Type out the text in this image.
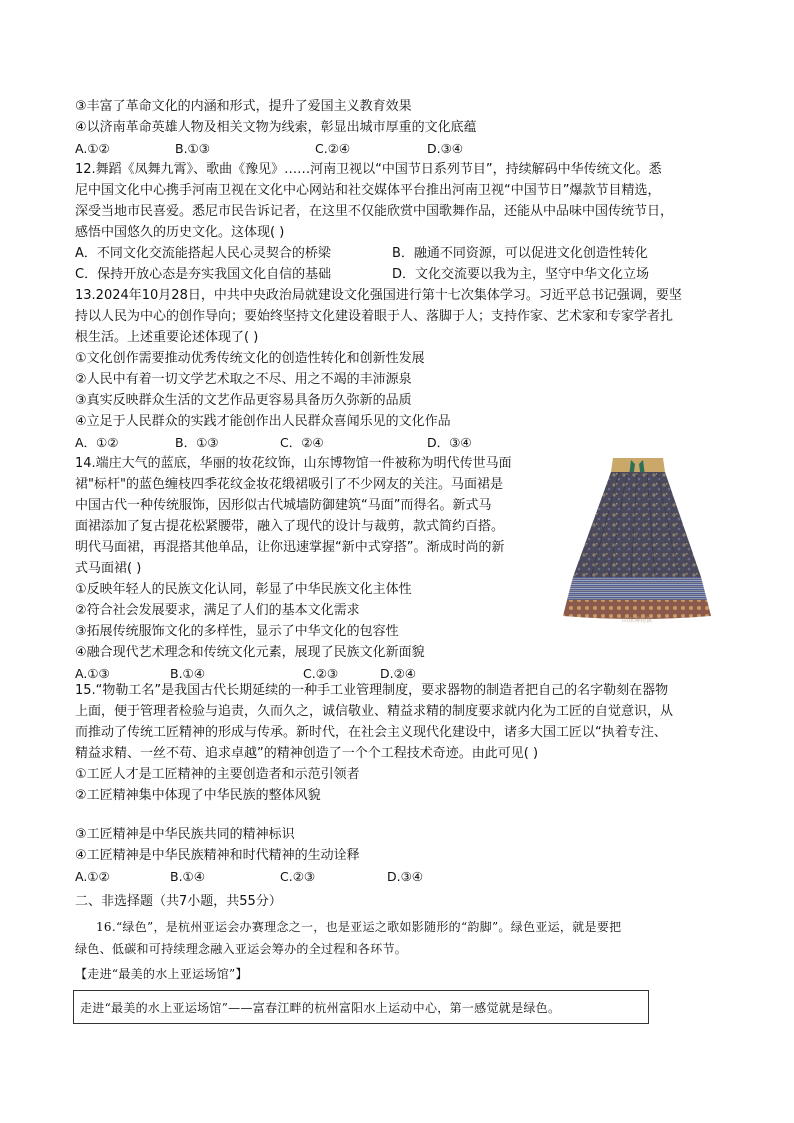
③丰富了革命文化的内涵和形式，提升了爱国主义教育效果
④以济南革命英雄人物及相关文物为线索，彰显出城市厚重的文化底蕴
A.①②	B.①③	C.②④	D.③④
12.舞蹈《凤舞九霄》、歌曲《豫见》……河南卫视以“中国节日系列节目”，持续解码中华传统文化。悉
尼中国文化中心携手河南卫视在文化中心网站和社交媒体平台推出河南卫视“中国节日”爆款节目精选，
深受当地市民喜爱。悉尼市民告诉记者，在这里不仅能欣赏中国歌舞作品，还能从中品味中国传统节日，
感悟中国悠久的历史文化。这体现( )
A．不同文化交流能搭起人民心灵契合的桥梁	B．融通不同资源，可以促进文化创造性转化
C．保持开放心态是夯实我国文化自信的基础	D．文化交流要以我为主，坚守中华文化立场
13.2024年10月28日，中共中央政治局就建设文化强国进行第十七次集体学习。习近平总书记强调，要坚
持以人民为中心的创作导向；要始终坚持文化建设着眼于人、落脚于人；支持作家、艺术家和专家学者扎
根生活。上述重要论述体现了( )
①文化创作需要推动优秀传统文化的创造性转化和创新性发展
②人民中有着一切文学艺术取之不尽、用之不竭的丰沛源泉
③真实反映群众生活的文艺作品更容易具备历久弥新的品质
④立足于人民群众的实践才能创作出人民群众喜闻乐见的文化作品
A．①②	B．①③	C．②④	D．③④
14.端庄大气的蓝底，华丽的妆花纹饰，山东博物馆一件被称为明代传世马面
裙"标杆"的蓝色缠枝四季花纹金妆花缎裙吸引了不少网友的关注。马面裙是
中国古代一种传统服饰，因形似古代城墙防御建筑“马面”而得名。新式马
面裙添加了复古提花松紧腰带，融入了现代的设计与裁剪，款式简约百搭。
明代马面裙，再混搭其他单品，让你迅速掌握“新中式穿搭”。渐成时尚的新
式马面裙( )
①反映年轻人的民族文化认同，彰显了中华民族文化主体性
②符合社会发展要求，满足了人们的基本文化需求
③拓展传统服饰文化的多样性，显示了中华文化的包容性
④融合现代艺术理念和传统文化元素，展现了民族文化新面貌
A.①③	B.①④	C.②③	D.②④
山东博物馆
15.“物勒工名”是我国古代长期延续的一种手工业管理制度，要求器物的制造者把自己的名字勒刻在器物
上面，便于管理者检验与追责，久而久之，诚信敬业、精益求精的制度要求就内化为工匠的自觉意识，从
而推动了传统工匠精神的形成与传承。新时代，在社会主义现代化建设中，诸多大国工匠以“执着专注、
精益求精、一丝不苟、追求卓越”的精神创造了一个个工程技术奇迹。由此可见( )
①工匠人才是工匠精神的主要创造者和示范引领者
②工匠精神集中体现了中华民族的整体风貌
③工匠精神是中华民族共同的精神标识
④工匠精神是中华民族精神和时代精神的生动诠释
A.①②	B.①④	C.②③	D.③④
二、非选择题（共7小题，共55分）
16.“绿色”，是杭州亚运会办赛理念之一，也是亚运之歌如影随形的“韵脚”。绿色亚运，就是要把
绿色、低碳和可持续理念融入亚运会筹办的全过程和各环节。
【走进“最美的水上亚运场馆”】
走进“最美的水上亚运场馆”——富春江畔的杭州富阳水上运动中心，第一感觉就是绿色。
